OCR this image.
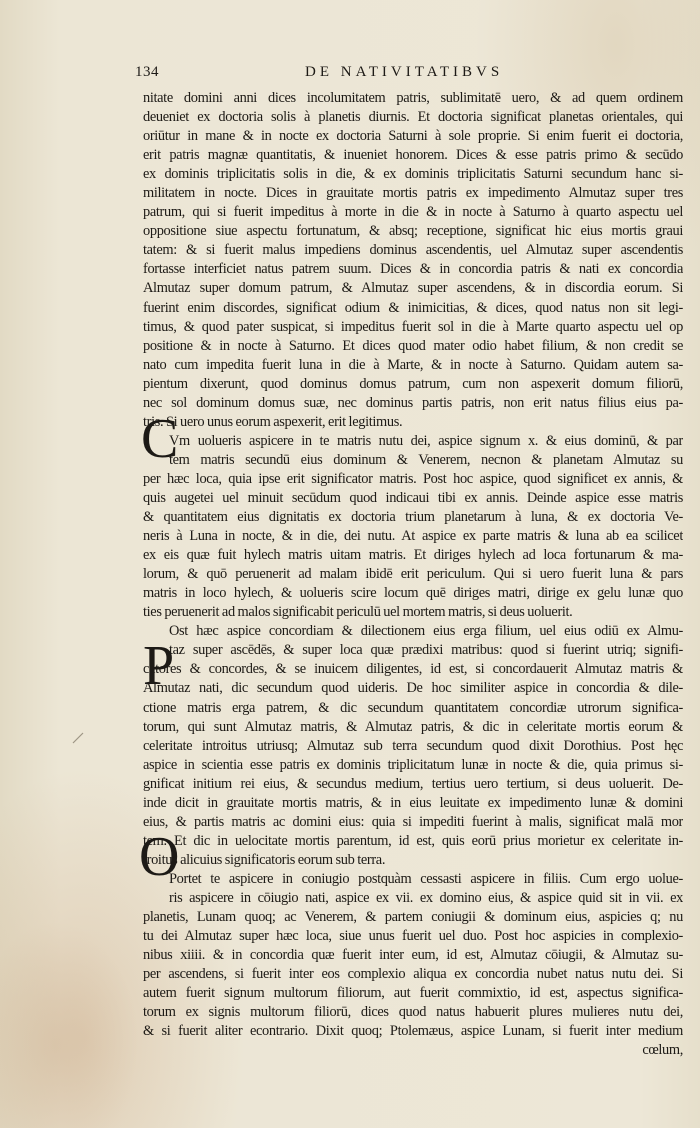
134	DE NATIVITATIBVS
C
P
O
nitate domini anni dices incolumitatem patris, sublimitatē uero, & ad quem ordinem
deueniet ex doctoria solis à planetis diurnis. Et doctoria significat planetas orientales, qui
oriūtur in mane & in nocte ex doctoria Saturni à sole proprie. Si enim fuerit ei doctoria,
erit patris magnæ quantitatis, & inueniet honorem. Dices & esse patris primo & secūdo
ex dominis triplicitatis solis in die, & ex dominis triplicitatis Saturni secundum hanc si-
militatem in nocte. Dices in grauitate mortis patris ex impedimento Almutaz super tres
patrum, qui si fuerit impeditus à morte in die & in nocte à Saturno à quarto aspectu uel
oppositione siue aspectu fortunatum, & absq; receptione, significat hic eius mortis graui
tatem: & si fuerit malus impediens dominus ascendentis, uel Almutaz super ascendentis
fortasse interficiet natus patrem suum. Dices & in concordia patris & nati ex concordia
Almutaz super domum patrum, & Almutaz super ascendens, & in discordia eorum. Si
fuerint enim discordes, significat odium & inimicitias, & dices, quod natus non sit legi-
timus, & quod pater suspicat, si impeditus fuerit sol in die à Marte quarto aspectu uel op
positione & in nocte à Saturno. Et dices quod mater odio habet filium, & non credit se
nato cum impedita fuerit luna in die à Marte, & in nocte à Saturno. Quidam autem sa-
pientum dixerunt, quod dominus domus patrum, cum non aspexerit domum filiorū,
nec sol dominum domus suæ, nec dominus partis patris, non erit natus filius eius pa-
tris. Si uero unus eorum aspexerit, erit legitimus.
Vm uolueris aspicere in te matris nutu dei, aspice signum x. & eius dominū, & par
tem matris secundū eius dominum & Venerem, necnon & planetam Almutaz su
per hæc loca, quia ipse erit significator matris. Post hoc aspice, quod significet ex annis, &
quis augetei uel minuit secūdum quod indicaui tibi ex annis. Deinde aspice esse matris
& quantitatem eius dignitatis ex doctoria trium planetarum à luna, & ex doctoria Ve-
neris à Luna in nocte, & in die, dei nutu. At aspice ex parte matris & luna ab ea scilicet
ex eis quæ fuit hylech matris uitam matris. Et diriges hylech ad loca fortunarum & ma-
lorum, & quō peruenerit ad malam ibidē erit periculum. Qui si uero fuerit luna & pars
matris in loco hylech, & uolueris scire locum quē diriges matri, dirige ex gelu lunæ quo
ties peruenerit ad malos significabit periculū uel mortem matris, si deus uoluerit.
Ost hæc aspice concordiam & dilectionem eius erga filium, uel eius odiū ex Almu-
taz super ascēdēs, & super loca quæ prædixi matribus: quod si fuerint utriq; signifi-
catores & concordes, & se inuicem diligentes, id est, si concordauerit Almutaz matris &
Almutaz nati, dic secundum quod uideris. De hoc similiter aspice in concordia & dile-
ctione matris erga patrem, & dic secundum quantitatem concordiæ utrorum significa-
torum, qui sunt Almutaz matris, & Almutaz patris, & dic in celeritate mortis eorum &
celeritate introitus utriusq; Almutaz sub terra secundum quod dixit Dorothius. Post hęc
aspice in scientia esse patris ex dominis triplicitatum lunæ in nocte & die, quia primus si-
gnificat initium rei eius, & secundus medium, tertius uero tertium, si deus uoluerit. De-
inde dicit in grauitate mortis matris, & in eius leuitate ex impedimento lunæ & domini
eius, & partis matris ac domini eius: quia si impediti fuerint à malis, significat malā mor
tem. Et dic in uelocitate mortis parentum, id est, quis eorū prius morietur ex celeritate in-
troitus alicuius significatoris eorum sub terra.
Portet te aspicere in coniugio postquàm cessasti aspicere in filiis. Cum ergo uolue-
ris aspicere in cōiugio nati, aspice ex vii. ex domino eius, & aspice quid sit in vii. ex
planetis, Lunam quoq; ac Venerem, & partem coniugii & dominum eius, aspicies q; nu
tu dei Almutaz super hæc loca, siue unus fuerit uel duo. Post hoc aspicies in complexio-
nibus xiiii. & in concordia quæ fuerit inter eum, id est, Almutaz cōiugii, & Almutaz su-
per ascendens, si fuerit inter eos complexio aliqua ex concordia nubet natus nutu dei. Si
autem fuerit signum multorum filiorum, aut fuerit commixtio, id est, aspectus significa-
torum ex signis multorum filiorū, dices quod natus habuerit plures mulieres nutu dei,
& si fuerit aliter econtrario. Dixit quoq; Ptolemæus, aspice Lunam, si fuerit inter medium
cœlum,
